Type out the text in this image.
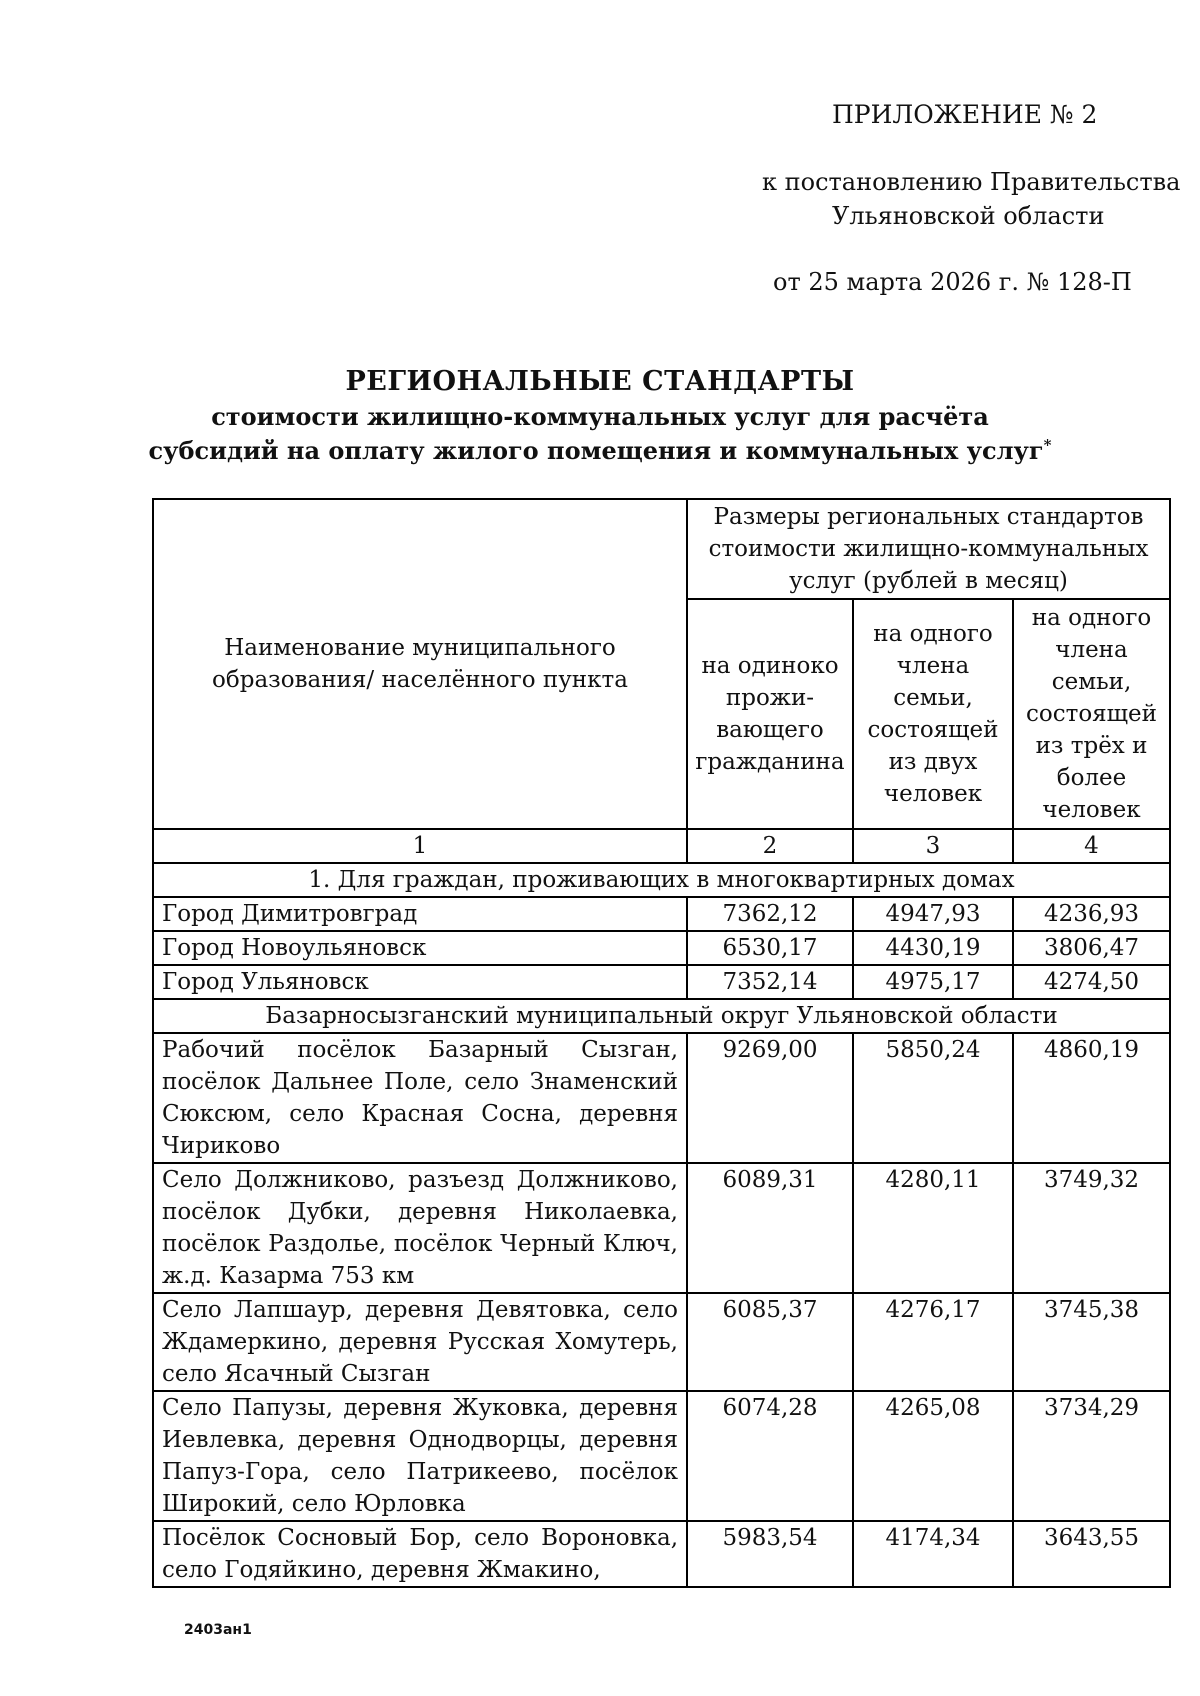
ПРИЛОЖЕНИЕ № 2
к постановлению Правительства
Ульяновской области
от 25 марта 2026 г. № 128-П
РЕГИОНАЛЬНЫЕ СТАНДАРТЫ
стоимости жилищно-коммунальных услуг для расчёта
субсидий на оплату жилого помещения и коммунальных услуг*
Наименование муниципального образования/ населённого пункта	Размеры региональных стандартов стоимости жилищно-коммунальных услуг (рублей в месяц)		
	на одиноко прожи-вающего гражданина	на одного члена семьи, состоящей из двух человек	на одного члена семьи, состоящей из трёх и более человек
1	2	3	4
1. Для граждан, проживающих в многоквартирных домах			
Город Димитровград	7362,12	4947,93	4236,93
Город Новоульяновск	6530,17	4430,19	3806,47
Город Ульяновск	7352,14	4975,17	4274,50
Базарносызганский муниципальный округ Ульяновской области			
Рабочий посёлок Базарный Сызган, посёлок Дальнее Поле, село Знаменский Сюксюм, село Красная Сосна, деревня Чириково	9269,00	5850,24	4860,19
Село Должниково, разъезд Должниково, посёлок Дубки, деревня Николаевка, посёлок Раздолье, посёлок Черный Ключ, ж.д. Казарма 753 км	6089,31	4280,11	3749,32
Село Лапшаур, деревня Девятовка, село Ждамеркино, деревня Русская Хомутерь, село Ясачный Сызган	6085,37	4276,17	3745,38
Село Папузы, деревня Жуковка, деревня Иевлевка, деревня Однодворцы, деревня Папуз-Гора, село Патрикеево, посёлок Широкий, село Юрловка	6074,28	4265,08	3734,29
Посёлок Сосновый Бор, село Вороновка, село Годяйкино, деревня Жмакино,	5983,54	4174,34	3643,55
2403ан1
